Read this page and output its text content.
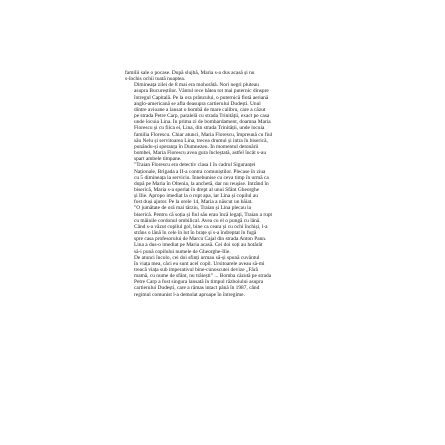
familii sale o pocase. După slujbă, Maria s-a dus acasă și nu
s-închis ochii toată noaptea.
Dimineața zilei de 8 mai era mohorâtă. Nori negri pluteau
asupra Bucureștilor. Vântul rece bătea tot mai puternic dinspre
întregul Capitală. Pe la ora prânzului, o puternică flotă aeriană
anglo-americană se afla deasupra cartierului Dudești. Unul
dintre avioane a lansat o bombă de mare calibru, care a căzut
pe strada Petre Carp, paralelă cu strada Trinității, exact pe casa
unde locuia Lina. În prima zi de bombardament, doamna Maria
Florescu și cu fiica ei, Lina, din strada Trinității, unde locuia
familia Florescu. Chiar atunci, Maria Florescu, împreună cu fiul
său Nelu și servitoarea Lina, trecea drumul și intra în biserică,
punându-și speranța în Dumnezeu. În momentul detonării
bombei, Maria Florescu avea gura încleștată, astfel încât s-au
spart ambele timpane.
"Traian Florescu era detectiv clasa I în cadrul Siguranței
Naționale, Brigada a II-a contra comuniștilor. Plecase în ziua
cu 5 dimineața la serviciu. Înnebunise cu ceva timp în urmă ca
după pe Maria în Oltenia, la anchetă, dar nu reușise. Intrând în
biserică, Maria s-a speriat în drept al unui Sfânt Gheorghe
și Ilie. Apropo imediat la o rupt apa, iar Lina și copilul au
fost duși ajutor. Pe la orele 14, Maria a născut un băiat.
"O jumătate de oră mai târziu, Traian și Lina plecau la
biserică. Pentru că soția și fiul său erau încă legați, Traian a rupt
cu mâinile cordonul ombilical. Avea cu el o pungă cu lână.
Când s-a văzut copilul gol, bine ca ceara și cu ochi închiși, l-a
strâns o lână în cele în lut în brațe și s-a îndreptat în fugă
spre casa profesorului de Marcu Cajal din strada Anton Pann.
Lina a dus-o imediat pe Maria acasă. Cei doi soți au hotărât
să-i pună copilului numele de Gheorghe-Ilie.
De atunci încolo, cei doi sfinți urmau să-și spună cuvântul
în viața mea, căci eu sunt acel copil. Ursitoarele aveau să-mi
treacă viața sub imperativul bine-cunoscutei devize „Fără
mamă, cu nume de sfânt, nu trăiești” ... Bomba căzută pe strada
Petre Carp a fost singura lansată în timpul războiului asupra
cartierului Dudești, care a rămas intact până în 1987, când
regimul comunist l-a demolat aproape în întregime.
